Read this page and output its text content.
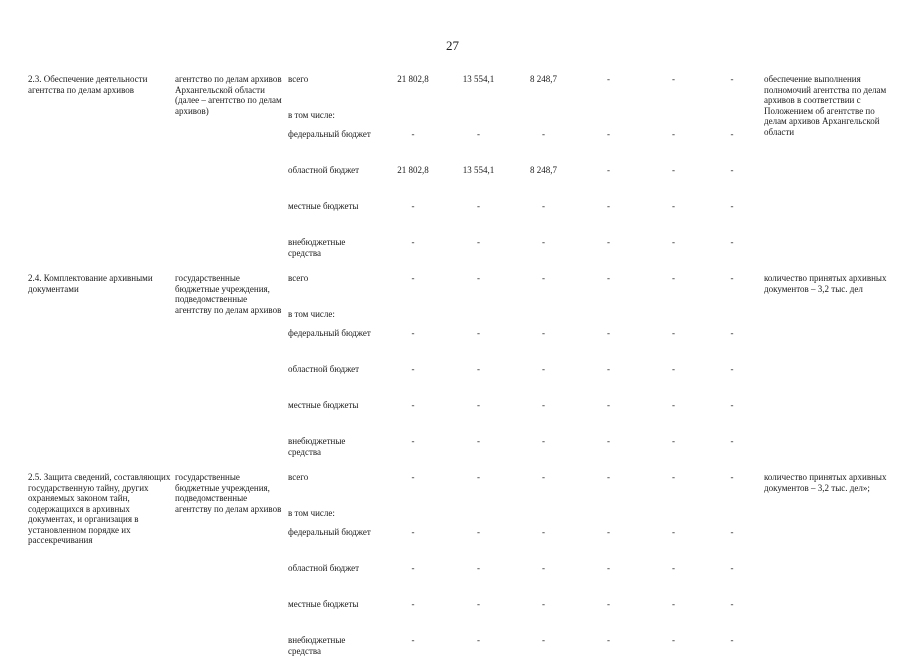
27
2.3. Обеспечение деятельности агентства по делам архивов	агентство по делам архивов Архангельской области (далее – агентство по делам архивов)	всего	21 802,8	13 554,1	8 248,7	-	-	-	обеспечение выполнения полномочий агентства по делам архивов в соответствии с Положением об агентстве по делам архивов Архангельской области
		в том числе:							
		федеральный бюджет	-	-	-	-	-	-	
		областной бюджет	21 802,8	13 554,1	8 248,7	-	-	-	
		местные бюджеты	-	-	-	-	-	-	
		внебюджетные средства	-	-	-	-	-	-	
2.4. Комплектование архивными документами	государственные бюджетные учреждения, подведомственные агентству по делам архивов	всего	-	-	-	-	-	-	количество принятых архивных документов – 3,2 тыс. дел
		в том числе:							
		федеральный бюджет	-	-	-	-	-	-	
		областной бюджет	-	-	-	-	-	-	
		местные бюджеты	-	-	-	-	-	-	
		внебюджетные средства	-	-	-	-	-	-	
2.5. Защита сведений, составляющих государственную тайну, других охраняемых законом тайн, содержащихся в архивных документах, и организация в установленном порядке их рассекречивания	государственные бюджетные учреждения, подведомственные агентству по делам архивов	всего	-	-	-	-	-	-	количество принятых архивных документов – 3,2 тыс. дел»;
		в том числе:							
		федеральный бюджет	-	-	-	-	-	-	
		областной бюджет	-	-	-	-	-	-	
		местные бюджеты	-	-	-	-	-	-	
		внебюджетные средства	-	-	-	-	-	-	
